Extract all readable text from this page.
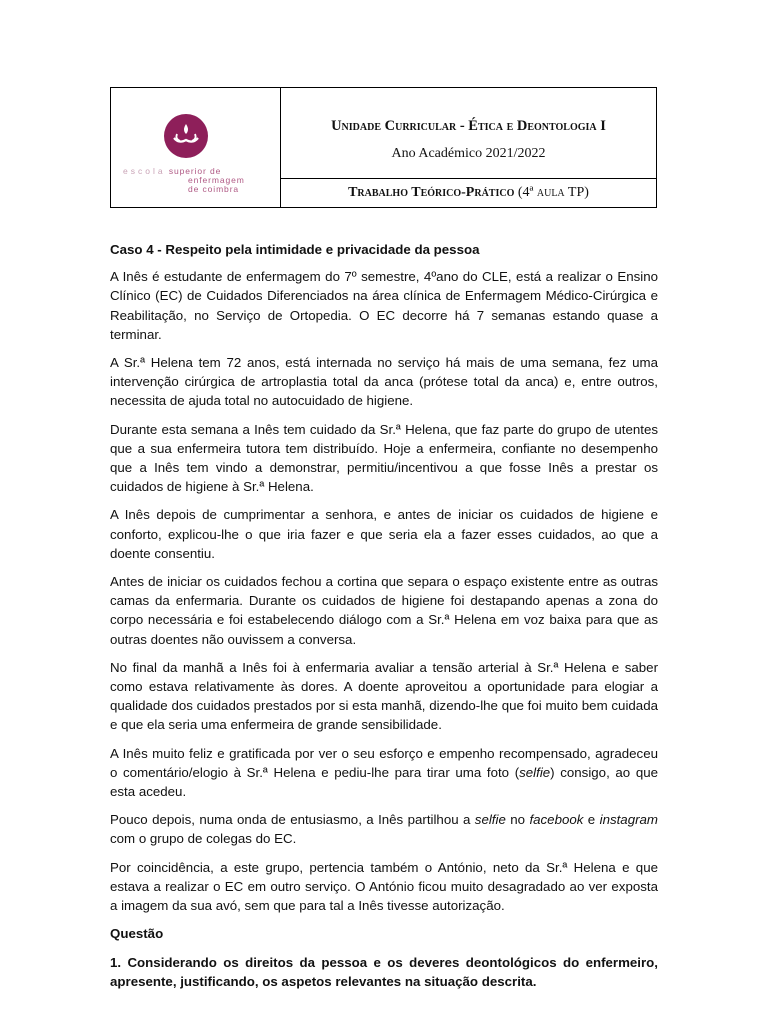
escola superior de
enfermagem
de coimbra
Unidade Curricular - Ética e Deontologia I
Ano Académico 2021/2022
Trabalho Teórico-Prático (4ª aula TP)

Caso 4 - Respeito pela intimidade e privacidade da pessoa

A Inês é estudante de enfermagem do 7º semestre, 4ºano do CLE, está a realizar o Ensino Clínico (EC) de Cuidados Diferenciados na área clínica de Enfermagem Médico-Cirúrgica e Reabilitação, no Serviço de Ortopedia. O EC decorre há 7 semanas estando quase a terminar.

A Sr.ª Helena tem 72 anos, está internada no serviço há mais de uma semana, fez uma intervenção cirúrgica de artroplastia total da anca (prótese total da anca) e, entre outros, necessita de ajuda total no autocuidado de higiene.

Durante esta semana a Inês tem cuidado da Sr.ª Helena, que faz parte do grupo de utentes que a sua enfermeira tutora tem distribuído. Hoje a enfermeira, confiante no desempenho que a Inês tem vindo a demonstrar, permitiu/incentivou a que fosse Inês a prestar os cuidados de higiene à Sr.ª Helena.

A Inês depois de cumprimentar a senhora, e antes de iniciar os cuidados de higiene e conforto, explicou-lhe o que iria fazer e que seria ela a fazer esses cuidados, ao que a doente consentiu.

Antes de iniciar os cuidados fechou a cortina que separa o espaço existente entre as outras camas da enfermaria. Durante os cuidados de higiene foi destapando apenas a zona do corpo necessária e foi estabelecendo diálogo com a Sr.ª Helena em voz baixa para que as outras doentes não ouvissem a conversa.

No final da manhã a Inês foi à enfermaria avaliar a tensão arterial à Sr.ª Helena e saber como estava relativamente às dores. A doente aproveitou a oportunidade para elogiar a qualidade dos cuidados prestados por si esta manhã, dizendo-lhe que foi muito bem cuidada e que ela seria uma enfermeira de grande sensibilidade.

A Inês muito feliz e gratificada por ver o seu esforço e empenho recompensado, agradeceu o comentário/elogio à Sr.ª Helena e pediu-lhe para tirar uma foto (selfie) consigo, ao que esta acedeu.

Pouco depois, numa onda de entusiasmo, a Inês partilhou a selfie no facebook e instagram com o grupo de colegas do EC.

Por coincidência, a este grupo, pertencia também o António, neto da Sr.ª Helena e que estava a realizar o EC em outro serviço. O António ficou muito desagradado ao ver exposta a imagem da sua avó, sem que para tal a Inês tivesse autorização.

Questão

1. Considerando os direitos da pessoa e os deveres deontológicos do enfermeiro, apresente, justificando, os aspetos relevantes na situação descrita.
